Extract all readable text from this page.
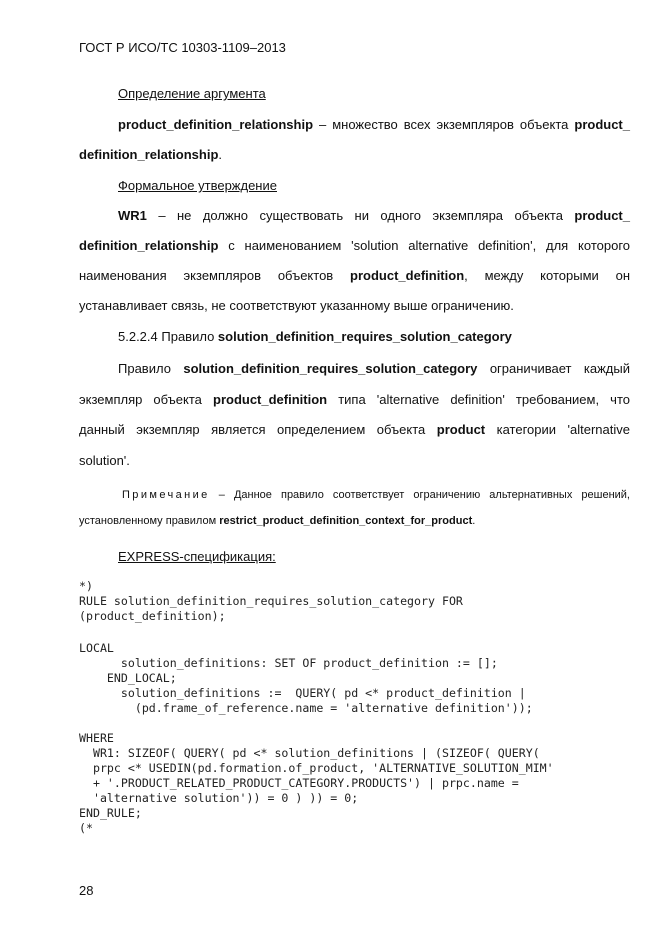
ГОСТ Р ИСО/ТС 10303-1109–2013
Определение аргумента
product_definition_relationship – множество всех экземпляров объекта product_
definition_relationship.
Формальное утверждение
WR1 – не должно существовать ни одного экземпляра объекта product_
definition_relationship с наименованием 'solution alternative definition', для которого
наименования экземпляров объектов product_definition, между которыми он
устанавливает связь, не соответствуют указанному выше ограничению.
5.2.2.4 Правило solution_definition_requires_solution_category
Правило solution_definition_requires_solution_category ограничивает каждый
экземпляр объекта product_definition типа 'alternative definition' требованием, что
данный экземпляр является определением объекта product категории 'alternative
solution'.
Примечание – Данное правило соответствует ограничению альтернативных решений,
установленному правилом restrict_product_definition_context_for_product.
EXPRESS-спецификация:
*)
RULE solution_definition_requires_solution_category FOR
(product_definition);
LOCAL
solution_definitions: SET OF product_definition := [];
END_LOCAL;
solution_definitions :=  QUERY( pd <* product_definition |
(pd.frame_of_reference.name = 'alternative definition'));
WHERE
WR1: SIZEOF( QUERY( pd <* solution_definitions | (SIZEOF( QUERY(
prpc <* USEDIN(pd.formation.of_product, 'ALTERNATIVE_SOLUTION_MIM'
+ '.PRODUCT_RELATED_PRODUCT_CATEGORY.PRODUCTS') | prpc.name =
'alternative solution')) = 0 ) )) = 0;
END_RULE;
(*
28
